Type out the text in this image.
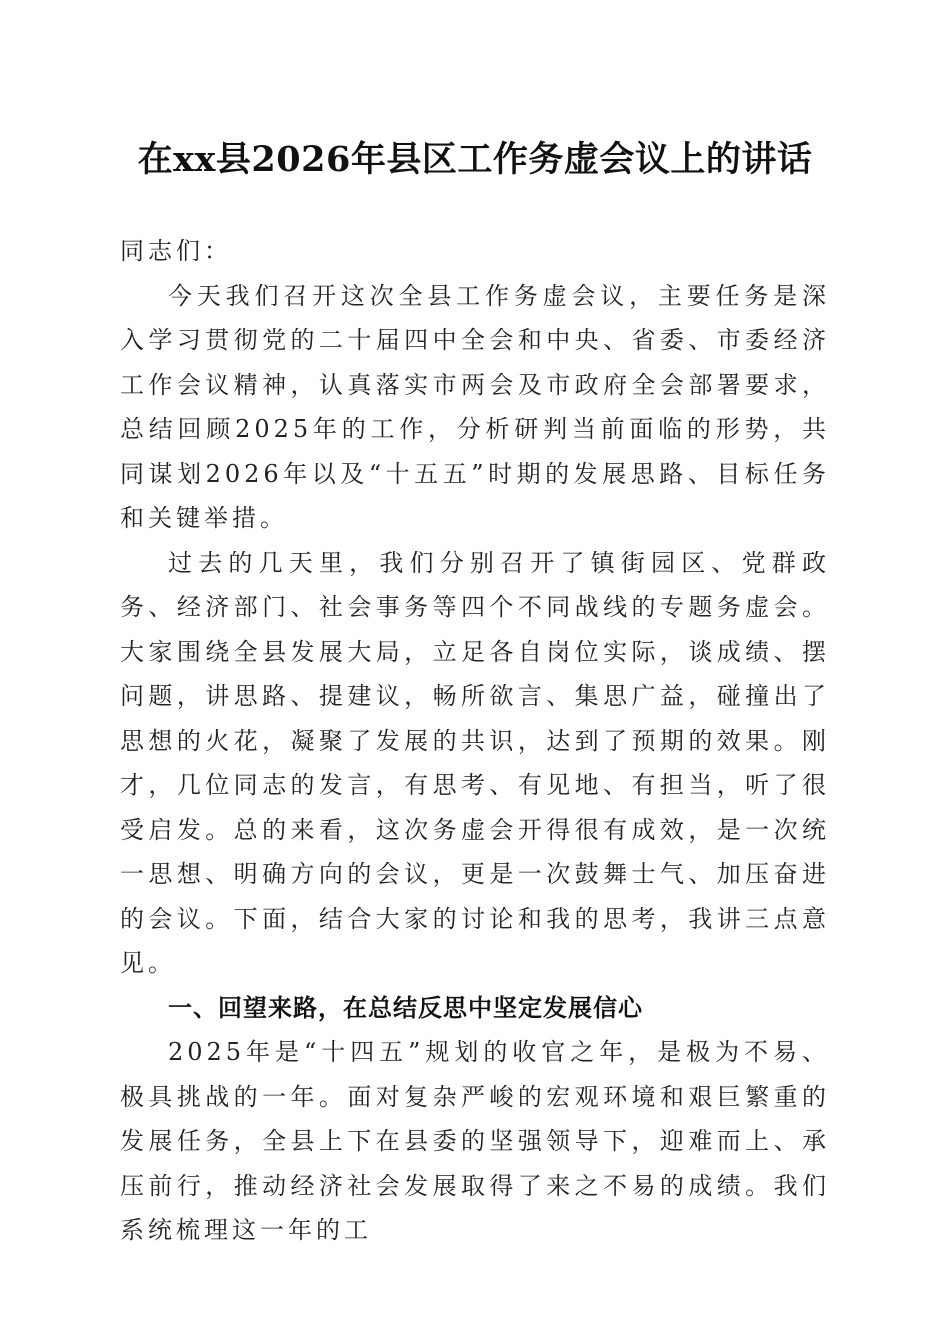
在xx县2026年县区工作务虚会议上的讲话

同志们：

今天我们召开这次全县工作务虚会议，主要任务是深入学习贯彻党的二十届四中全会和中央、省委、市委经济工作会议精神，认真落实市两会及市政府全会部署要求，总结回顾2025年的工作，分析研判当前面临的形势，共同谋划2026年以及“十五五”时期的发展思路、目标任务和关键举措。

过去的几天里，我们分别召开了镇街园区、党群政务、经济部门、社会事务等四个不同战线的专题务虚会。大家围绕全县发展大局，立足各自岗位实际，谈成绩、摆问题，讲思路、提建议，畅所欲言、集思广益，碰撞出了思想的火花，凝聚了发展的共识，达到了预期的效果。刚才，几位同志的发言，有思考、有见地、有担当，听了很受启发。总的来看，这次务虚会开得很有成效，是一次统一思想、明确方向的会议，更是一次鼓舞士气、加压奋进的会议。下面，结合大家的讨论和我的思考，我讲三点意见。

一、回望来路，在总结反思中坚定发展信心

2025年是“十四五”规划的收官之年，是极为不易、极具挑战的一年。面对复杂严峻的宏观环境和艰巨繁重的发展任务，全县上下在县委的坚强领导下，迎难而上、承压前行，推动经济社会发展取得了来之不易的成绩。我们系统梳理这一年的工
